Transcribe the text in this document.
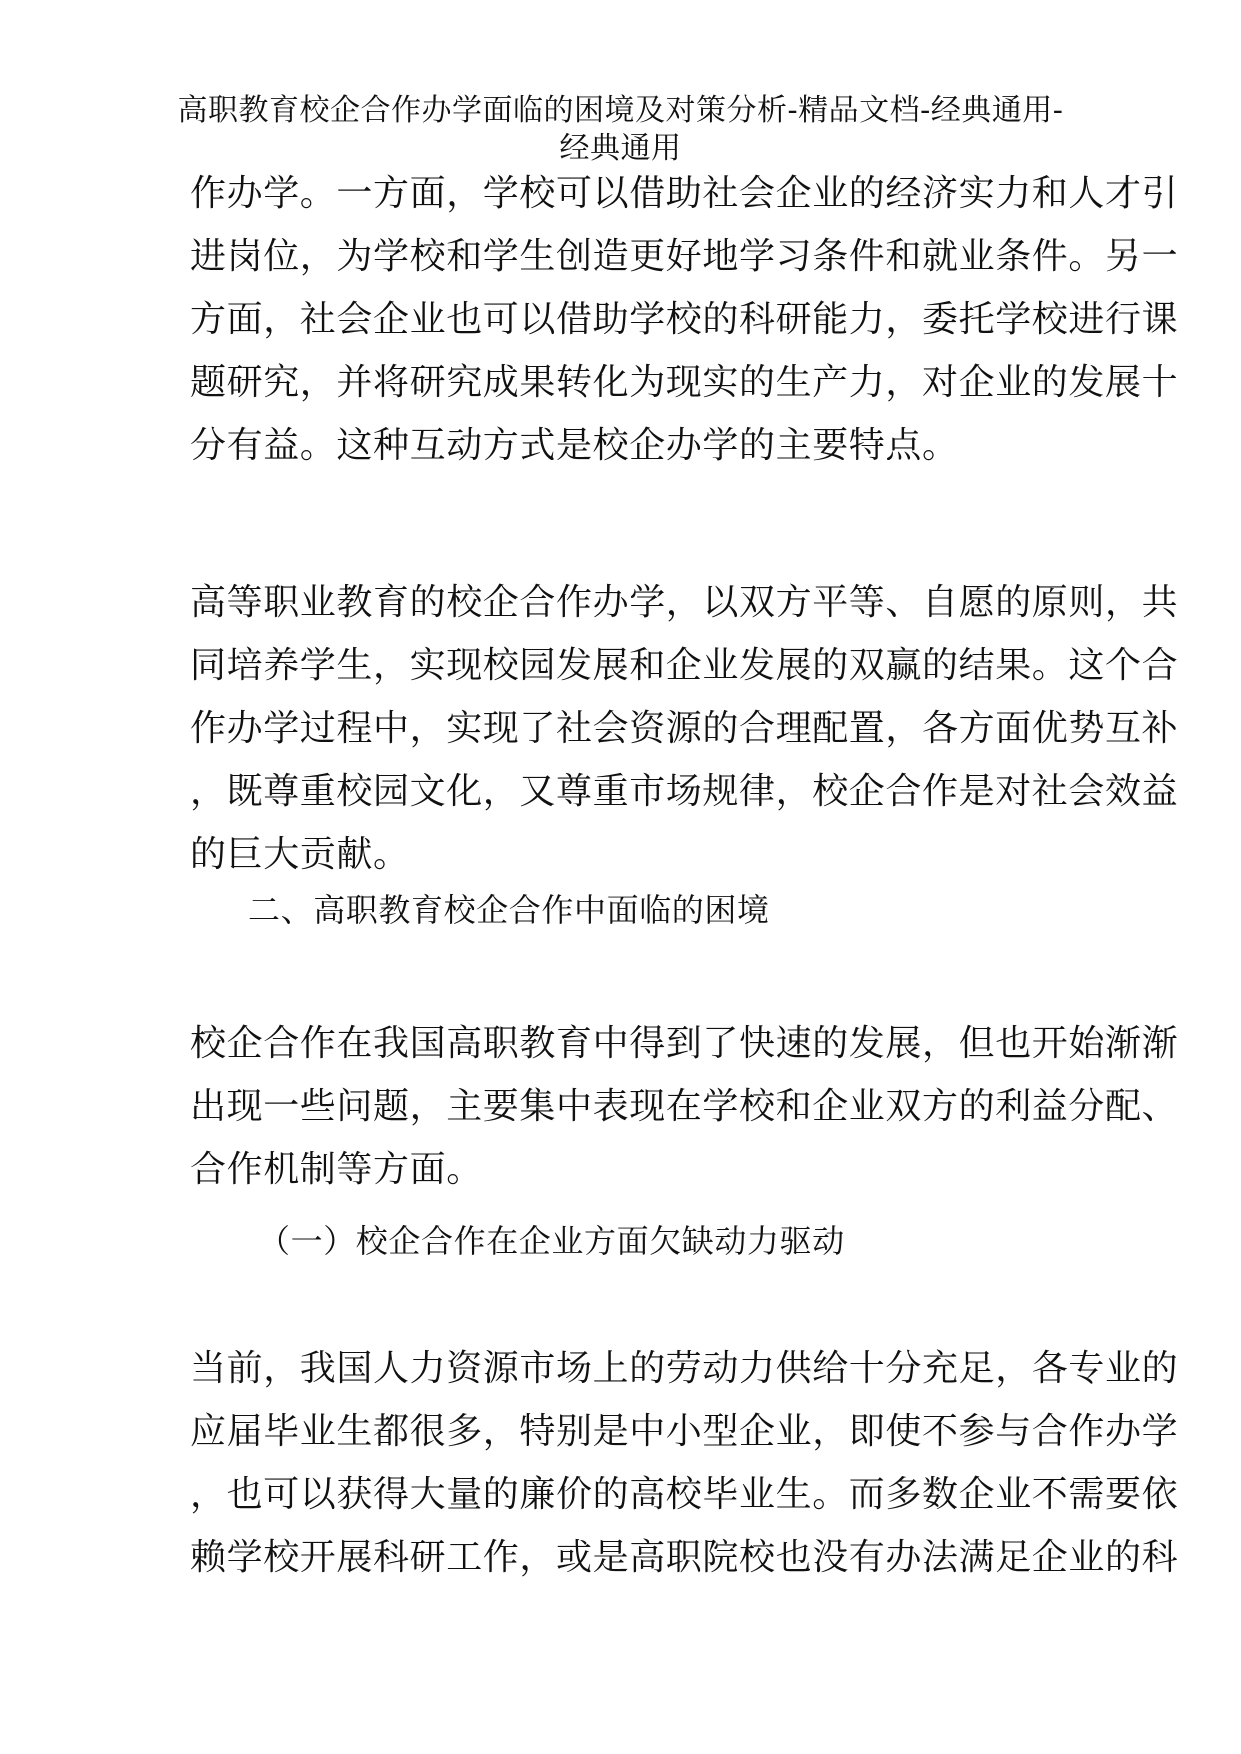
高职教育校企合作办学面临的困境及对策分析-精品文档-经典通用-
经典通用
作办学。一方面，学校可以借助社会企业的经济实力和人才引
进岗位，为学校和学生创造更好地学习条件和就业条件。另一
方面，社会企业也可以借助学校的科研能力，委托学校进行课
题研究，并将研究成果转化为现实的生产力，对企业的发展十
分有益。这种互动方式是校企办学的主要特点。
高等职业教育的校企合作办学，以双方平等、自愿的原则，共
同培养学生，实现校园发展和企业发展的双赢的结果。这个合
作办学过程中，实现了社会资源的合理配置，各方面优势互补
，既尊重校园文化，又尊重市场规律，校企合作是对社会效益
的巨大贡献。
二、高职教育校企合作中面临的困境
校企合作在我国高职教育中得到了快速的发展，但也开始渐渐
出现一些问题，主要集中表现在学校和企业双方的利益分配、
合作机制等方面。
（一）校企合作在企业方面欠缺动力驱动
当前，我国人力资源市场上的劳动力供给十分充足，各专业的
应届毕业生都很多，特别是中小型企业，即使不参与合作办学
，也可以获得大量的廉价的高校毕业生。而多数企业不需要依
赖学校开展科研工作，或是高职院校也没有办法满足企业的科
